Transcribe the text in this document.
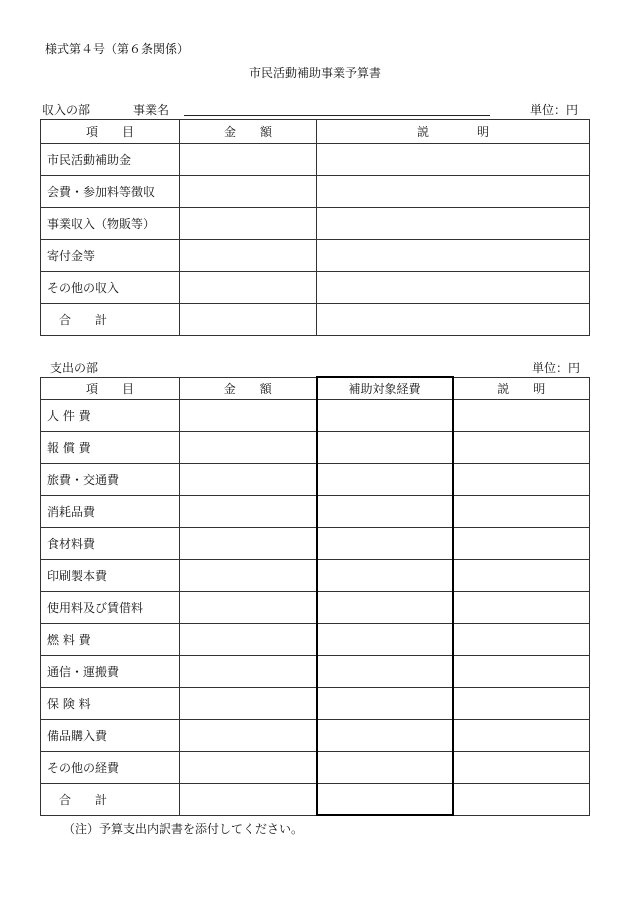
様式第４号（第６条関係）
市民活動補助事業予算書
収入の部	事業名	単位：円
項　　目	金　　額	説　　　　明
市民活動補助金		
会費・参加料等徴収		
事業収入（物販等）		
寄付金等		
その他の収入		
合　　計		
支出の部	単位：円
項　　目	金　　額	補助対象経費	説　　明
人 件 費			
報 償 費			
旅費・交通費			
消耗品費			
食材料費			
印刷製本費			
使用料及び賃借料			
燃 料 費			
通信・運搬費			
保 険 料			
備品購入費			
その他の経費			
合　　計			
（注）予算支出内訳書を添付してください。
